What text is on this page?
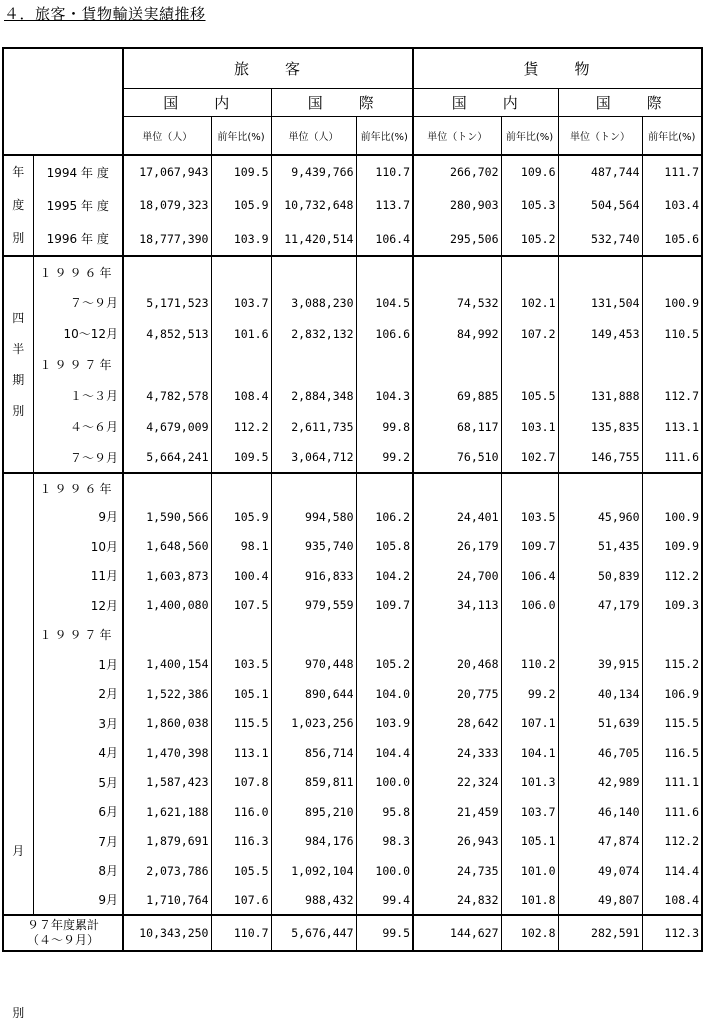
４．旅客・貨物輸送実績推移
		旅　　客				貨　　物			
		国　　内		国　　際		国　　内		国　　際	
		単位（人）	前年比(%)	単位（人）	前年比(%)	単位（トン）	前年比(%)	単位（トン）	前年比(%)

年
度
別	1994 年 度	17,067,943	109.5	9,439,766	110.7	266,702	109.6	487,744	111.7
	1995 年 度	18,079,323	105.9	10,732,648	113.7	280,903	105.3	504,564	103.4
	1996 年 度	18,777,390	103.9	11,420,514	106.4	295,506	105.2	532,740	105.6

四
半
期
別	１９９６年								
	７～９月	5,171,523	103.7	3,088,230	104.5	74,532	102.1	131,504	100.9
	10～12月	4,852,513	101.6	2,832,132	106.6	84,992	107.2	149,453	110.5
	１９９７年								
	１～３月	4,782,578	108.4	2,884,348	104.3	69,885	105.5	131,888	112.7
	４～６月	4,679,009	112.2	2,611,735	99.8	68,117	103.1	135,835	113.1
	７～９月	5,664,241	109.5	3,064,712	99.2	76,510	102.7	146,755	111.6

月
別	１９９６年								
	9月	1,590,566	105.9	994,580	106.2	24,401	103.5	45,960	100.9
	10月	1,648,560	98.1	935,740	105.8	26,179	109.7	51,435	109.9
	11月	1,603,873	100.4	916,833	104.2	24,700	106.4	50,839	112.2
	12月	1,400,080	107.5	979,559	109.7	34,113	106.0	47,179	109.3
	１９９７年								
	1月	1,400,154	103.5	970,448	105.2	20,468	110.2	39,915	115.2
	2月	1,522,386	105.1	890,644	104.0	20,775	99.2	40,134	106.9
	3月	1,860,038	115.5	1,023,256	103.9	28,642	107.1	51,639	115.5
	4月	1,470,398	113.1	856,714	104.4	24,333	104.1	46,705	116.5
	5月	1,587,423	107.8	859,811	100.0	22,324	101.3	42,989	111.1
	6月	1,621,188	116.0	895,210	95.8	21,459	103.7	46,140	111.6
	7月	1,879,691	116.3	984,176	98.3	26,943	105.1	47,874	112.2
	8月	2,073,786	105.5	1,092,104	100.0	24,735	101.0	49,074	114.4
	9月	1,710,764	107.6	988,432	99.4	24,832	101.8	49,807	108.4

９７年度累計
（４～９月）		10,343,250	110.7	5,676,447	99.5	144,627	102.8	282,591	112.3
